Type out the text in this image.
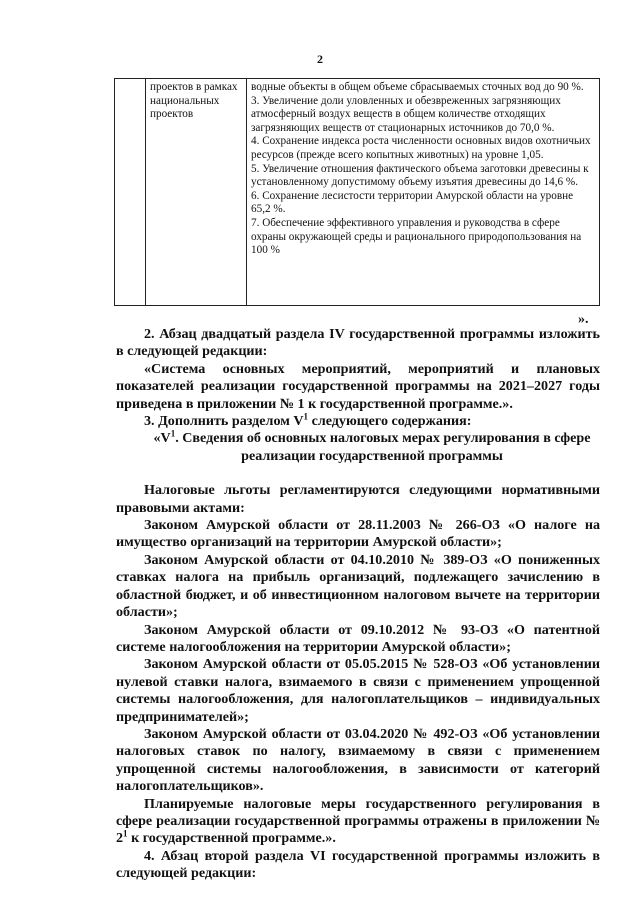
2
проектов в рамках национальных проектов

водные объекты в общем объеме сбрасываемых сточных вод до 90 %.

3. Увеличение доли уловленных и обезвреженных загрязняющих атмосферный воздух веществ в общем количестве отходящих загрязняющих веществ от стационарных источников до 70,0 %.

4. Сохранение индекса роста численности основных видов охотничьих ресурсов (прежде всего копытных животных) на уровне 1,05.

5. Увеличение отношения фактического объема заготовки древесины к установленному допустимому объему изъятия древесины до 14,6 %.

6. Сохранение лесистости территории Амурской области на уровне 65,2 %.

7. Обеспечение эффективного управления и руководства в сфере охраны окружающей среды и рационального природопользования на 100 %

».

2. Абзац двадцатый раздела IV государственной программы изложить в следующей редакции:

«Система основных мероприятий, мероприятий и плановых показателей реализации государственной программы на 2021–2027 годы приведена в приложении № 1 к государственной программе.».

3. Дополнить разделом $V^1$ следующего содержания:

«$V^1$. Сведения об основных налоговых мерах регулирования в сфере реализации государственной программы

Налоговые льготы регламентируются следующими нормативными правовыми актами:

Законом Амурской области от 28.11.2003 № 266-ОЗ «О налоге на имущество организаций на территории Амурской области»;

Законом Амурской области от 04.10.2010 № 389-ОЗ «О пониженных ставках налога на прибыль организаций, подлежащего зачислению в областной бюджет, и об инвестиционном налоговом вычете на территории области»;

Законом Амурской области от 09.10.2012 № 93-ОЗ «О патентной системе налогообложения на территории Амурской области»;

Законом Амурской области от 05.05.2015 № 528-ОЗ «Об установлении нулевой ставки налога, взимаемого в связи с применением упрощенной системы налогообложения, для налогоплательщиков – индивидуальных предпринимателей»;

Законом Амурской области от 03.04.2020 № 492-ОЗ «Об установлении налоговых ставок по налогу, взимаемому в связи с применением упрощенной системы налогообложения, в зависимости от категорий налогоплательщиков».

Планируемые налоговые меры государственного регулирования в сфере реализации государственной программы отражены в приложении № $2^1$ к государственной программе.».

4. Абзац второй раздела VI государственной программы изложить в следующей редакции:
